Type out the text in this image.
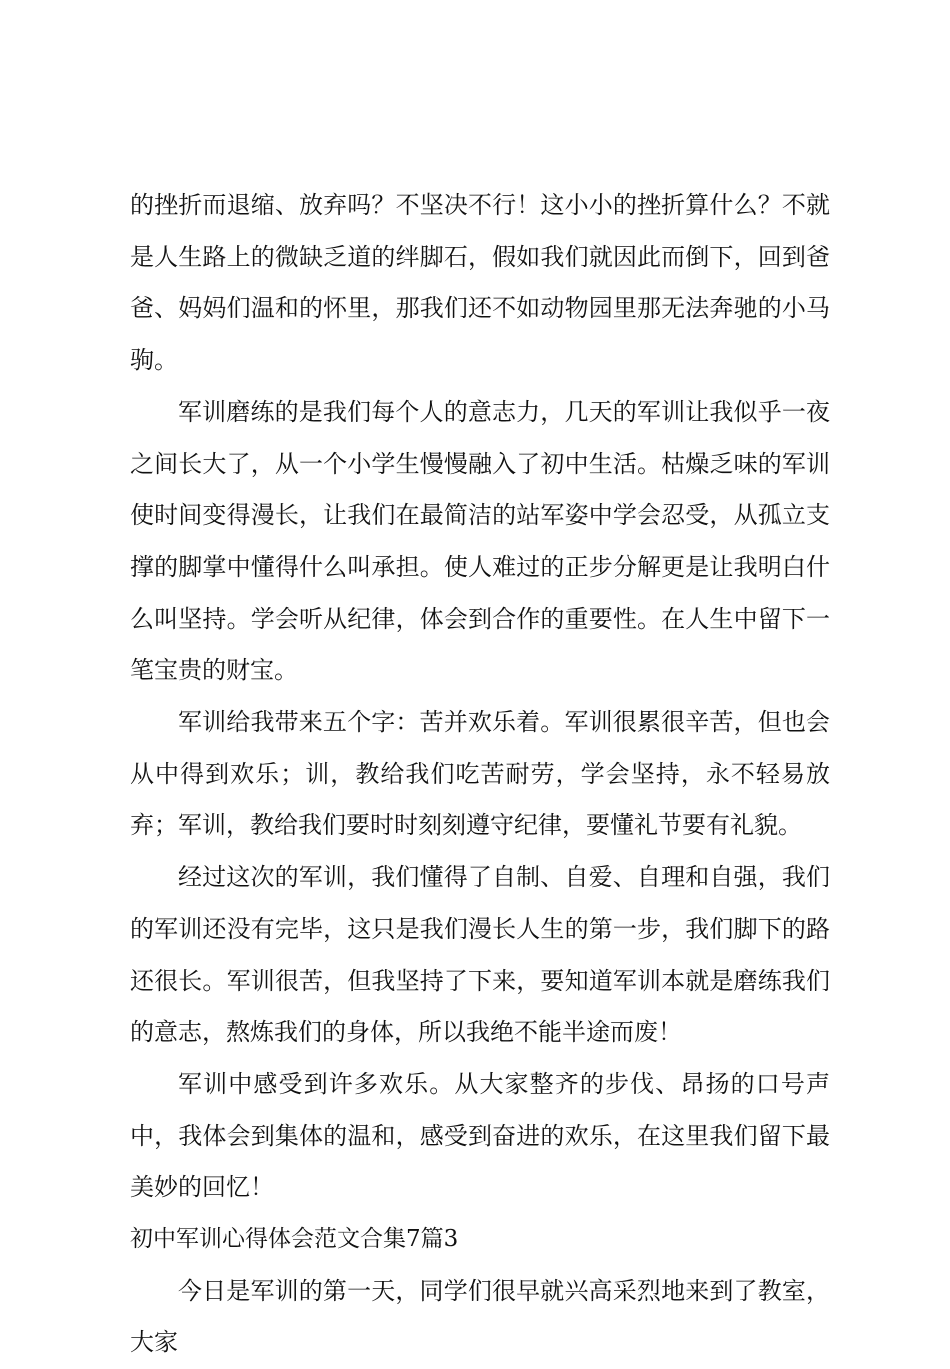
的挫折而退缩、放弃吗？不坚决不行！这小小的挫折算什么？不就是人生路上的微缺乏道的绊脚石，假如我们就因此而倒下，回到爸爸、妈妈们温和的怀里，那我们还不如动物园里那无法奔驰的小马驹。

军训磨练的是我们每个人的意志力，几天的军训让我似乎一夜之间长大了，从一个小学生慢慢融入了初中生活。枯燥乏味的军训使时间变得漫长，让我们在最简洁的站军姿中学会忍受，从孤立支撑的脚掌中懂得什么叫承担。使人难过的正步分解更是让我明白什么叫坚持。学会听从纪律，体会到合作的重要性。在人生中留下一笔宝贵的财宝。

军训给我带来五个字：苦并欢乐着。军训很累很辛苦，但也会从中得到欢乐；训，教给我们吃苦耐劳，学会坚持，永不轻易放弃；军训，教给我们要时时刻刻遵守纪律，要懂礼节要有礼貌。

经过这次的军训，我们懂得了自制、自爱、自理和自强，我们的军训还没有完毕，这只是我们漫长人生的第一步，我们脚下的路还很长。军训很苦，但我坚持了下来，要知道军训本就是磨练我们的意志，熬炼我们的身体，所以我绝不能半途而废！

军训中感受到许多欢乐。从大家整齐的步伐、昂扬的口号声中，我体会到集体的温和，感受到奋进的欢乐，在这里我们留下最美妙的回忆！

初中军训心得体会范文合集7篇3

今日是军训的第一天，同学们很早就兴高采烈地来到了教室，大家
